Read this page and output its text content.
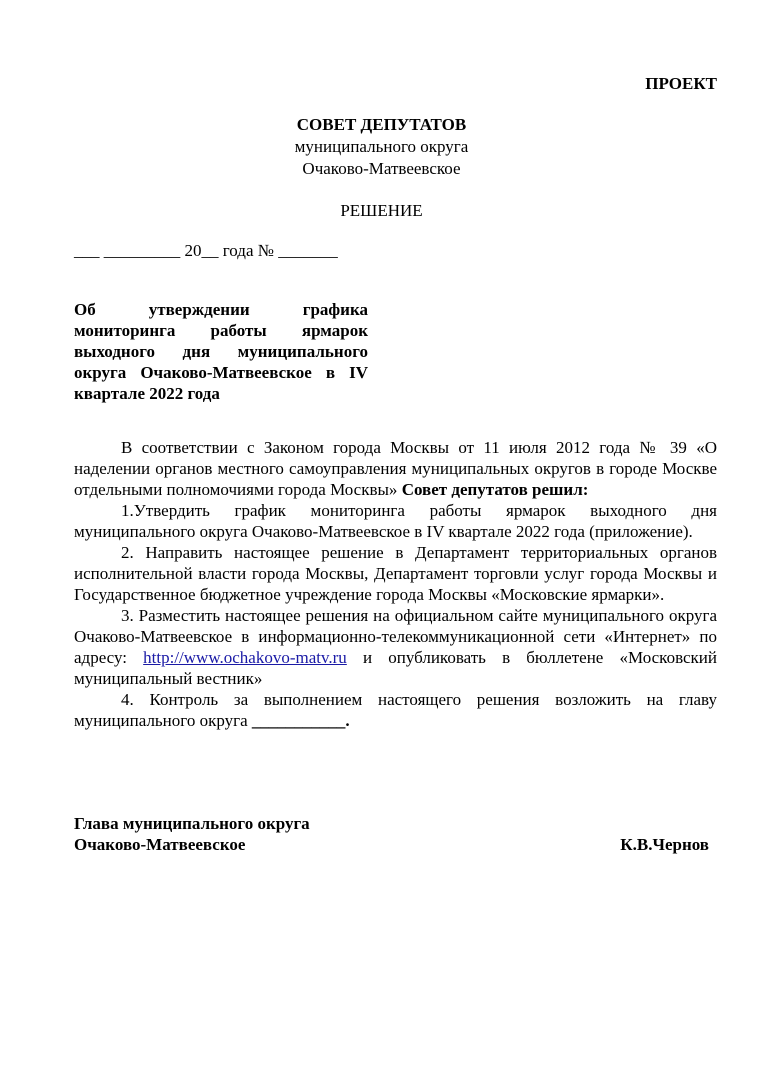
ПРОЕКТ
СОВЕТ ДЕПУТАТОВ
муниципального округа
Очаково-Матвеевское
РЕШЕНИЕ
___ _________ 20__ года № _______
Об утверждении графика мониторинга работы ярмарок выходного дня муниципального округа Очаково-Матвеевское в IV
квартале 2022 года

В соответствии с Законом города Москвы от 11 июля 2012 года № 39 «О наделении органов местного самоуправления муниципальных округов в городе Москве отдельными полномочиями города Москвы» Совет депутатов решил:

1.Утвердить график мониторинга работы ярмарок выходного дня муниципального округа Очаково-Матвеевское в IV квартале 2022 года (приложение).

2. Направить настоящее решение в Департамент территориальных органов исполнительной власти города Москвы, Департамент торговли услуг города Москвы и Государственное бюджетное учреждение города Москвы «Московские ярмарки».

3. Разместить настоящее решения на официальном сайте муниципального округа Очаково-Матвеевское в информационно-телекоммуникационной сети «Интернет» по адресу: http://www.ochakovo-matv.ru и опубликовать в бюллетене «Московский муниципальный вестник»

4. Контроль за выполнением настоящего решения возложить на главу муниципального округа ___________.

Глава муниципального округа
Очаково-Матвеевское	К.В.Чернов
